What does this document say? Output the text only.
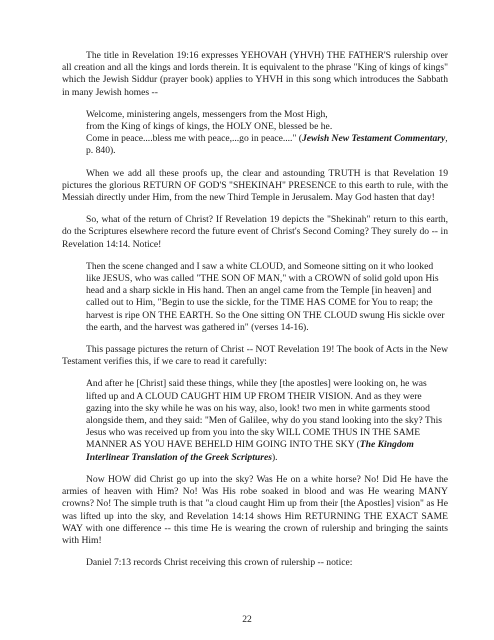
The title in Revelation 19:16 expresses YEHOVAH (YHVH) THE FATHER'S rulership over all creation and all the kings and lords therein. It is equivalent to the phrase "King of kings of kings" which the Jewish Siddur (prayer book) applies to YHVH in this song which introduces the Sabbath in many Jewish homes --

Welcome, ministering angels, messengers from the Most High,
from the King of kings of kings, the HOLY ONE, blessed be he.
Come in peace....bless me with peace,...go in peace...." (Jewish New Testament Commentary, p. 840).

When we add all these proofs up, the clear and astounding TRUTH is that Revelation 19 pictures the glorious RETURN OF GOD'S "SHEKINAH" PRESENCE to this earth to rule, with the Messiah directly under Him, from the new Third Temple in Jerusalem. May God hasten that day!

So, what of the return of Christ? If Revelation 19 depicts the "Shekinah" return to this earth, do the Scriptures elsewhere record the future event of Christ's Second Coming? They surely do -- in Revelation 14:14. Notice!

Then the scene changed and I saw a white CLOUD, and Someone sitting on it who looked like JESUS, who was called "THE SON OF MAN," with a CROWN of solid gold upon His head and a sharp sickle in His hand. Then an angel came from the Temple [in heaven] and called out to Him, "Begin to use the sickle, for the TIME HAS COME for You to reap; the harvest is ripe ON THE EARTH. So the One sitting ON THE CLOUD swung His sickle over the earth, and the harvest was gathered in" (verses 14-16).

This passage pictures the return of Christ -- NOT Revelation 19! The book of Acts in the New Testament verifies this, if we care to read it carefully:

And after he [Christ] said these things, while they [the apostles] were looking on, he was lifted up and A CLOUD CAUGHT HIM UP FROM THEIR VISION. And as they were gazing into the sky while he was on his way, also, look! two men in white garments stood alongside them, and they said: "Men of Galilee, why do you stand looking into the sky? This Jesus who was received up from you into the sky WILL COME THUS IN THE SAME MANNER AS YOU HAVE BEHELD HIM GOING INTO THE SKY (The Kingdom Interlinear Translation of the Greek Scriptures).

Now HOW did Christ go up into the sky? Was He on a white horse? No! Did He have the armies of heaven with Him? No! Was His robe soaked in blood and was He wearing MANY crowns? No! The simple truth is that "a cloud caught Him up from their [the Apostles] vision" as He was lifted up into the sky, and Revelation 14:14 shows Him RETURNING THE EXACT SAME WAY with one difference -- this time He is wearing the crown of rulership and bringing the saints with Him!

Daniel 7:13 records Christ receiving this crown of rulership -- notice:

22
